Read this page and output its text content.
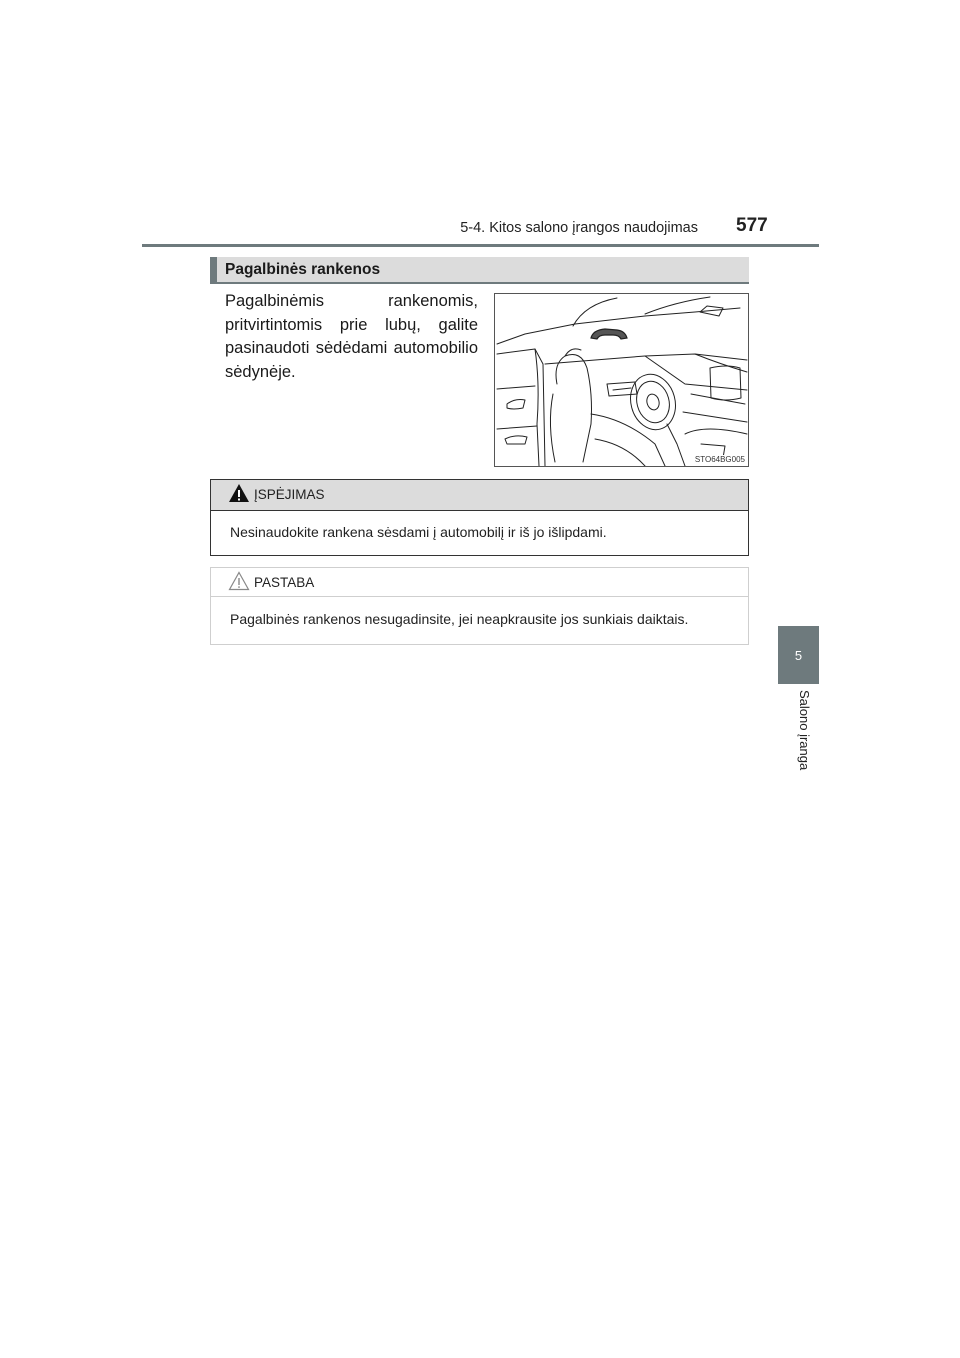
5-4. Kitos salono įrangos naudojimas 577
5
Salono įranga
Pagalbinės rankenos
Pagalbinėmis rankenomis, pritvirtintomis prie lubų, galite pasinaudoti sėdėdami automobilio sėdynėje.
STO64BG005
ĮSPĖJIMAS
Nesinaudokite rankena sėsdami į automobilį ir iš jo išlipdami.
PASTABA
Pagalbinės rankenos nesugadinsite, jei neapkrausite jos sunkiais daiktais.
